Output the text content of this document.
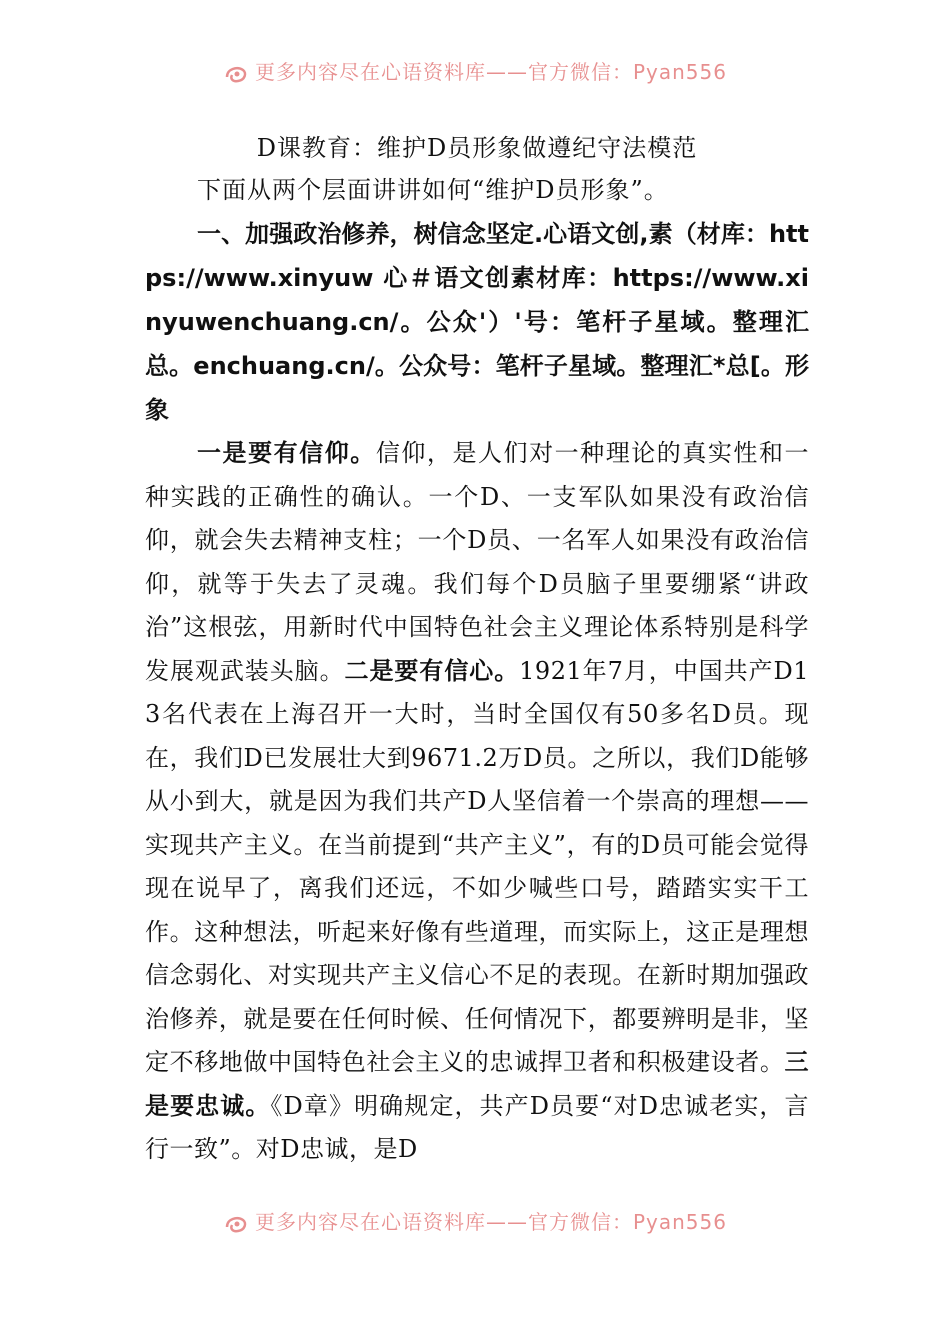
更多内容尽在心语资料库——官方微信：Pyan556

D课教育：维护D员形象做遵纪守法模范

下面从两个层面讲讲如何“维护D员形象”。

一、加强政治修养，树信念坚定.心语文创,素（材库：https://www.xinyuw 心＃语文创素材库：https://www.xinyuwenchuang.cn/。公众'）'号：笔杆子星域。整理汇总。enchuang.cn/。公众号：笔杆子星域。整理汇*总[。形象

一是要有信仰。信仰，是人们对一种理论的真实性和一种实践的正确性的确认。一个D、一支军队如果没有政治信仰，就会失去精神支柱；一个D员、一名军人如果没有政治信仰，就等于失去了灵魂。我们每个D员脑子里要绷紧“讲政治”这根弦，用新时代中国特色社会主义理论体系特别是科学发展观武装头脑。二是要有信心。1921年7月，中国共产D13名代表在上海召开一大时，当时全国仅有50多名D员。现在，我们D已发展壮大到9671.2万D员。之所以，我们D能够从小到大，就是因为我们共产D人坚信着一个崇高的理想——实现共产主义。在当前提到“共产主义”，有的D员可能会觉得现在说早了，离我们还远，不如少喊些口号，踏踏实实干工作。这种想法，听起来好像有些道理，而实际上，这正是理想信念弱化、对实现共产主义信心不足的表现。在新时期加强政治修养，就是要在任何时候、任何情况下，都要辨明是非，坚定不移地做中国特色社会主义的忠诚捍卫者和积极建设者。三是要忠诚。《D章》明确规定，共产D员要“对D忠诚老实，言行一致”。对D忠诚，是D

更多内容尽在心语资料库——官方微信：Pyan556
